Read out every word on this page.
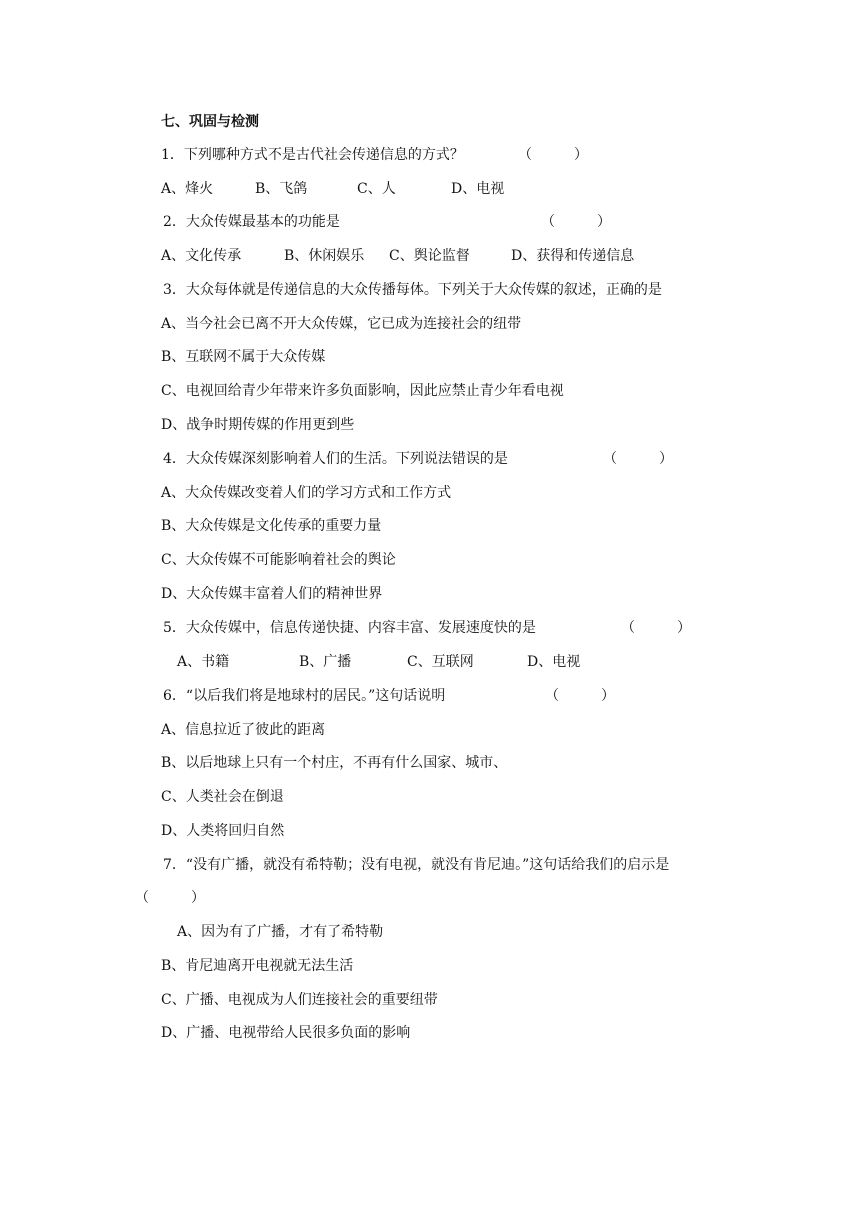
七、巩固与检测
1．下列哪种方式不是古代社会传递信息的方式？	（　　　）

A、烽火

	B、飞鸽

	C、人

	D、电视

2．大众传媒最基本的功能是	（　　　）

A、文化传承

	B、休闲娱乐

C、舆论监督

	D、获得和传递信息

3．大众每体就是传递信息的大众传播每体。下列关于大众传媒的叙述，正确的是
A、当今社会已离不开大众传媒，它已成为连接社会的纽带
B、互联网不属于大众传媒
C、电视回给青少年带来许多负面影响，因此应禁止青少年看电视
D、战争时期传媒的作用更到些
4．大众传媒深刻影响着人们的生活。下列说法错误的是	（　　　）
A、大众传媒改变着人们的学习方式和工作方式
B、大众传媒是文化传承的重要力量
C、大众传媒不可能影响着社会的舆论
D、大众传媒丰富着人们的精神世界
5．大众传媒中，信息传递快捷、内容丰富、发展速度快的是	（　　　）

A、书籍

	B、广播

	C、互联网

	D、电视

6．“以后我们将是地球村的居民。”这句话说明	（　　　）
A、信息拉近了彼此的距离
B、以后地球上只有一个村庄，不再有什么国家、城市、
C、人类社会在倒退
D、人类将回归自然
7．“没有广播，就没有希特勒；没有电视，就没有肯尼迪。”这句话给我们的启示是
（　　　）
A、因为有了广播，才有了希特勒
B、肯尼迪离开电视就无法生活
C、广播、电视成为人们连接社会的重要纽带
D、广播、电视带给人民很多负面的影响
